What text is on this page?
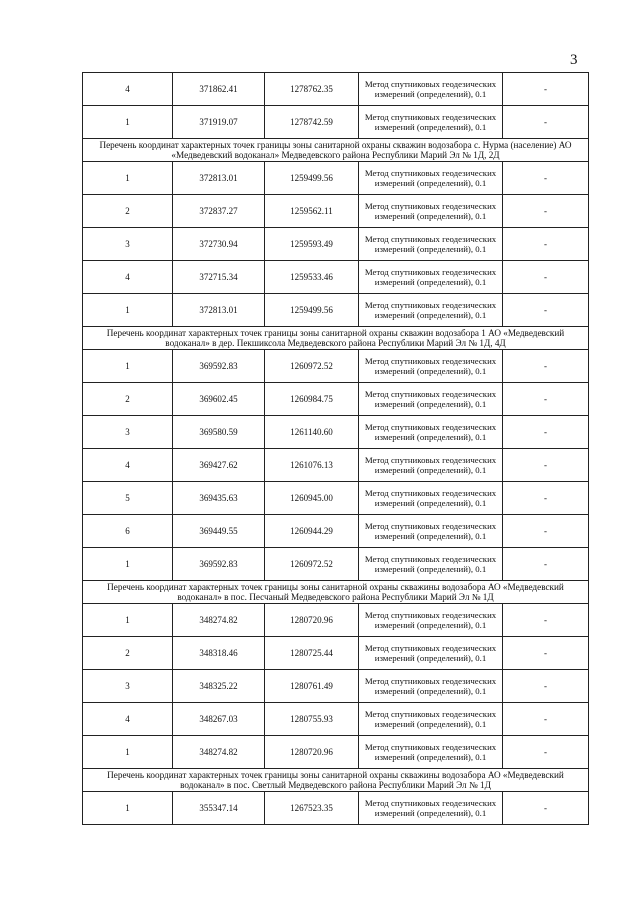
3
4	371862.41	1278762.35	Метод спутниковых геодезических измерений (определений), 0.1	-
1	371919.07	1278742.59	Метод спутниковых геодезических измерений (определений), 0.1	-
Перечень координат характерных точек границы зоны санитарной охраны скважин водозабора с. Нурма (население) АО «Медведевский водоканал» Медведевского района Республики Марий Эл № 1Д, 2Д				
1	372813.01	1259499.56	Метод спутниковых геодезических измерений (определений), 0.1	-
2	372837.27	1259562.11	Метод спутниковых геодезических измерений (определений), 0.1	-
3	372730.94	1259593.49	Метод спутниковых геодезических измерений (определений), 0.1	-
4	372715.34	1259533.46	Метод спутниковых геодезических измерений (определений), 0.1	-
1	372813.01	1259499.56	Метод спутниковых геодезических измерений (определений), 0.1	-
Перечень координат характерных точек границы зоны санитарной охраны скважин водозабора 1 АО «Медведевский водоканал» в дер. Пекшиксола Медведевского района Республики Марий Эл № 1Д, 4Д				
1	369592.83	1260972.52	Метод спутниковых геодезических измерений (определений), 0.1	-
2	369602.45	1260984.75	Метод спутниковых геодезических измерений (определений), 0.1	-
3	369580.59	1261140.60	Метод спутниковых геодезических измерений (определений), 0.1	-
4	369427.62	1261076.13	Метод спутниковых геодезических измерений (определений), 0.1	-
5	369435.63	1260945.00	Метод спутниковых геодезических измерений (определений), 0.1	-
6	369449.55	1260944.29	Метод спутниковых геодезических измерений (определений), 0.1	-
1	369592.83	1260972.52	Метод спутниковых геодезических измерений (определений), 0.1	-
Перечень координат характерных точек границы зоны санитарной охраны скважины водозабора АО «Медведевский водоканал» в пос. Песчаный Медведевского района Республики Марий Эл № 1Д				
1	348274.82	1280720.96	Метод спутниковых геодезических измерений (определений), 0.1	-
2	348318.46	1280725.44	Метод спутниковых геодезических измерений (определений), 0.1	-
3	348325.22	1280761.49	Метод спутниковых геодезических измерений (определений), 0.1	-
4	348267.03	1280755.93	Метод спутниковых геодезических измерений (определений), 0.1	-
1	348274.82	1280720.96	Метод спутниковых геодезических измерений (определений), 0.1	-
Перечень координат характерных точек границы зоны санитарной охраны скважины водозабора АО «Медведевский водоканал» в пос. Светлый Медведевского района Республики Марий Эл № 1Д				
1	355347.14	1267523.35	Метод спутниковых геодезических измерений (определений), 0.1	-
